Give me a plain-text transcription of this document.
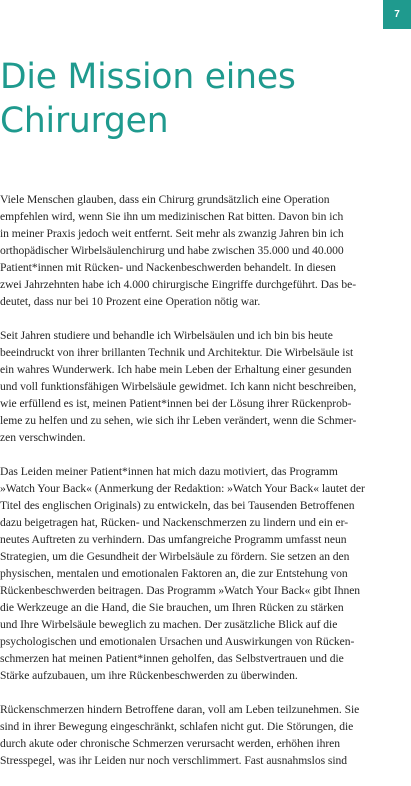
7
Die Mission eines
Chirurgen

Viele Menschen glauben, dass ein Chirurg grundsätzlich eine Operation
empfehlen wird, wenn Sie ihn um medizinischen Rat bitten. Davon bin ich
in meiner Praxis jedoch weit entfernt. Seit mehr als zwanzig Jahren bin ich
orthopädischer Wirbelsäulenchirurg und habe zwischen 35.000 und 40.000
Patient*innen mit Rücken- und Nackenbeschwerden behandelt. In diesen
zwei Jahrzehnten habe ich 4.000 chirurgische Eingriffe durchgeführt. Das be-
deutet, dass nur bei 10 Prozent eine Operation nötig war.

Seit Jahren studiere und behandle ich Wirbelsäulen und ich bin bis heute
beeindruckt von ihrer brillanten Technik und Architektur. Die Wirbelsäule ist
ein wahres Wunderwerk. Ich habe mein Leben der Erhaltung einer gesunden
und voll funktionsfähigen Wirbelsäule gewidmet. Ich kann nicht beschreiben,
wie erfüllend es ist, meinen Patient*innen bei der Lösung ihrer Rückenprob-
leme zu helfen und zu sehen, wie sich ihr Leben verändert, wenn die Schmer-
zen verschwinden.

Das Leiden meiner Patient*innen hat mich dazu motiviert, das Programm
»Watch Your Back« (Anmerkung der Redaktion: »Watch Your Back« lautet der
Titel des englischen Originals) zu entwickeln, das bei Tausenden Betroffenen
dazu beigetragen hat, Rücken- und Nackenschmerzen zu lindern und ein er-
neutes Auftreten zu verhindern. Das umfangreiche Programm umfasst neun
Strategien, um die Gesundheit der Wirbelsäule zu fördern. Sie setzen an den
physischen, mentalen und emotionalen Faktoren an, die zur Entstehung von
Rückenbeschwerden beitragen. Das Programm »Watch Your Back« gibt Ihnen
die Werkzeuge an die Hand, die Sie brauchen, um Ihren Rücken zu stärken
und Ihre Wirbelsäule beweglich zu machen. Der zusätzliche Blick auf die
psychologischen und emotionalen Ursachen und Auswirkungen von Rücken-
schmerzen hat meinen Patient*innen geholfen, das Selbstvertrauen und die
Stärke aufzubauen, um ihre Rückenbeschwerden zu überwinden.

Rückenschmerzen hindern Betroffene daran, voll am Leben teilzunehmen. Sie
sind in ihrer Bewegung eingeschränkt, schlafen nicht gut. Die Störungen, die
durch akute oder chronische Schmerzen verursacht werden, erhöhen ihren
Stresspegel, was ihr Leiden nur noch verschlimmert. Fast ausnahmslos sind
